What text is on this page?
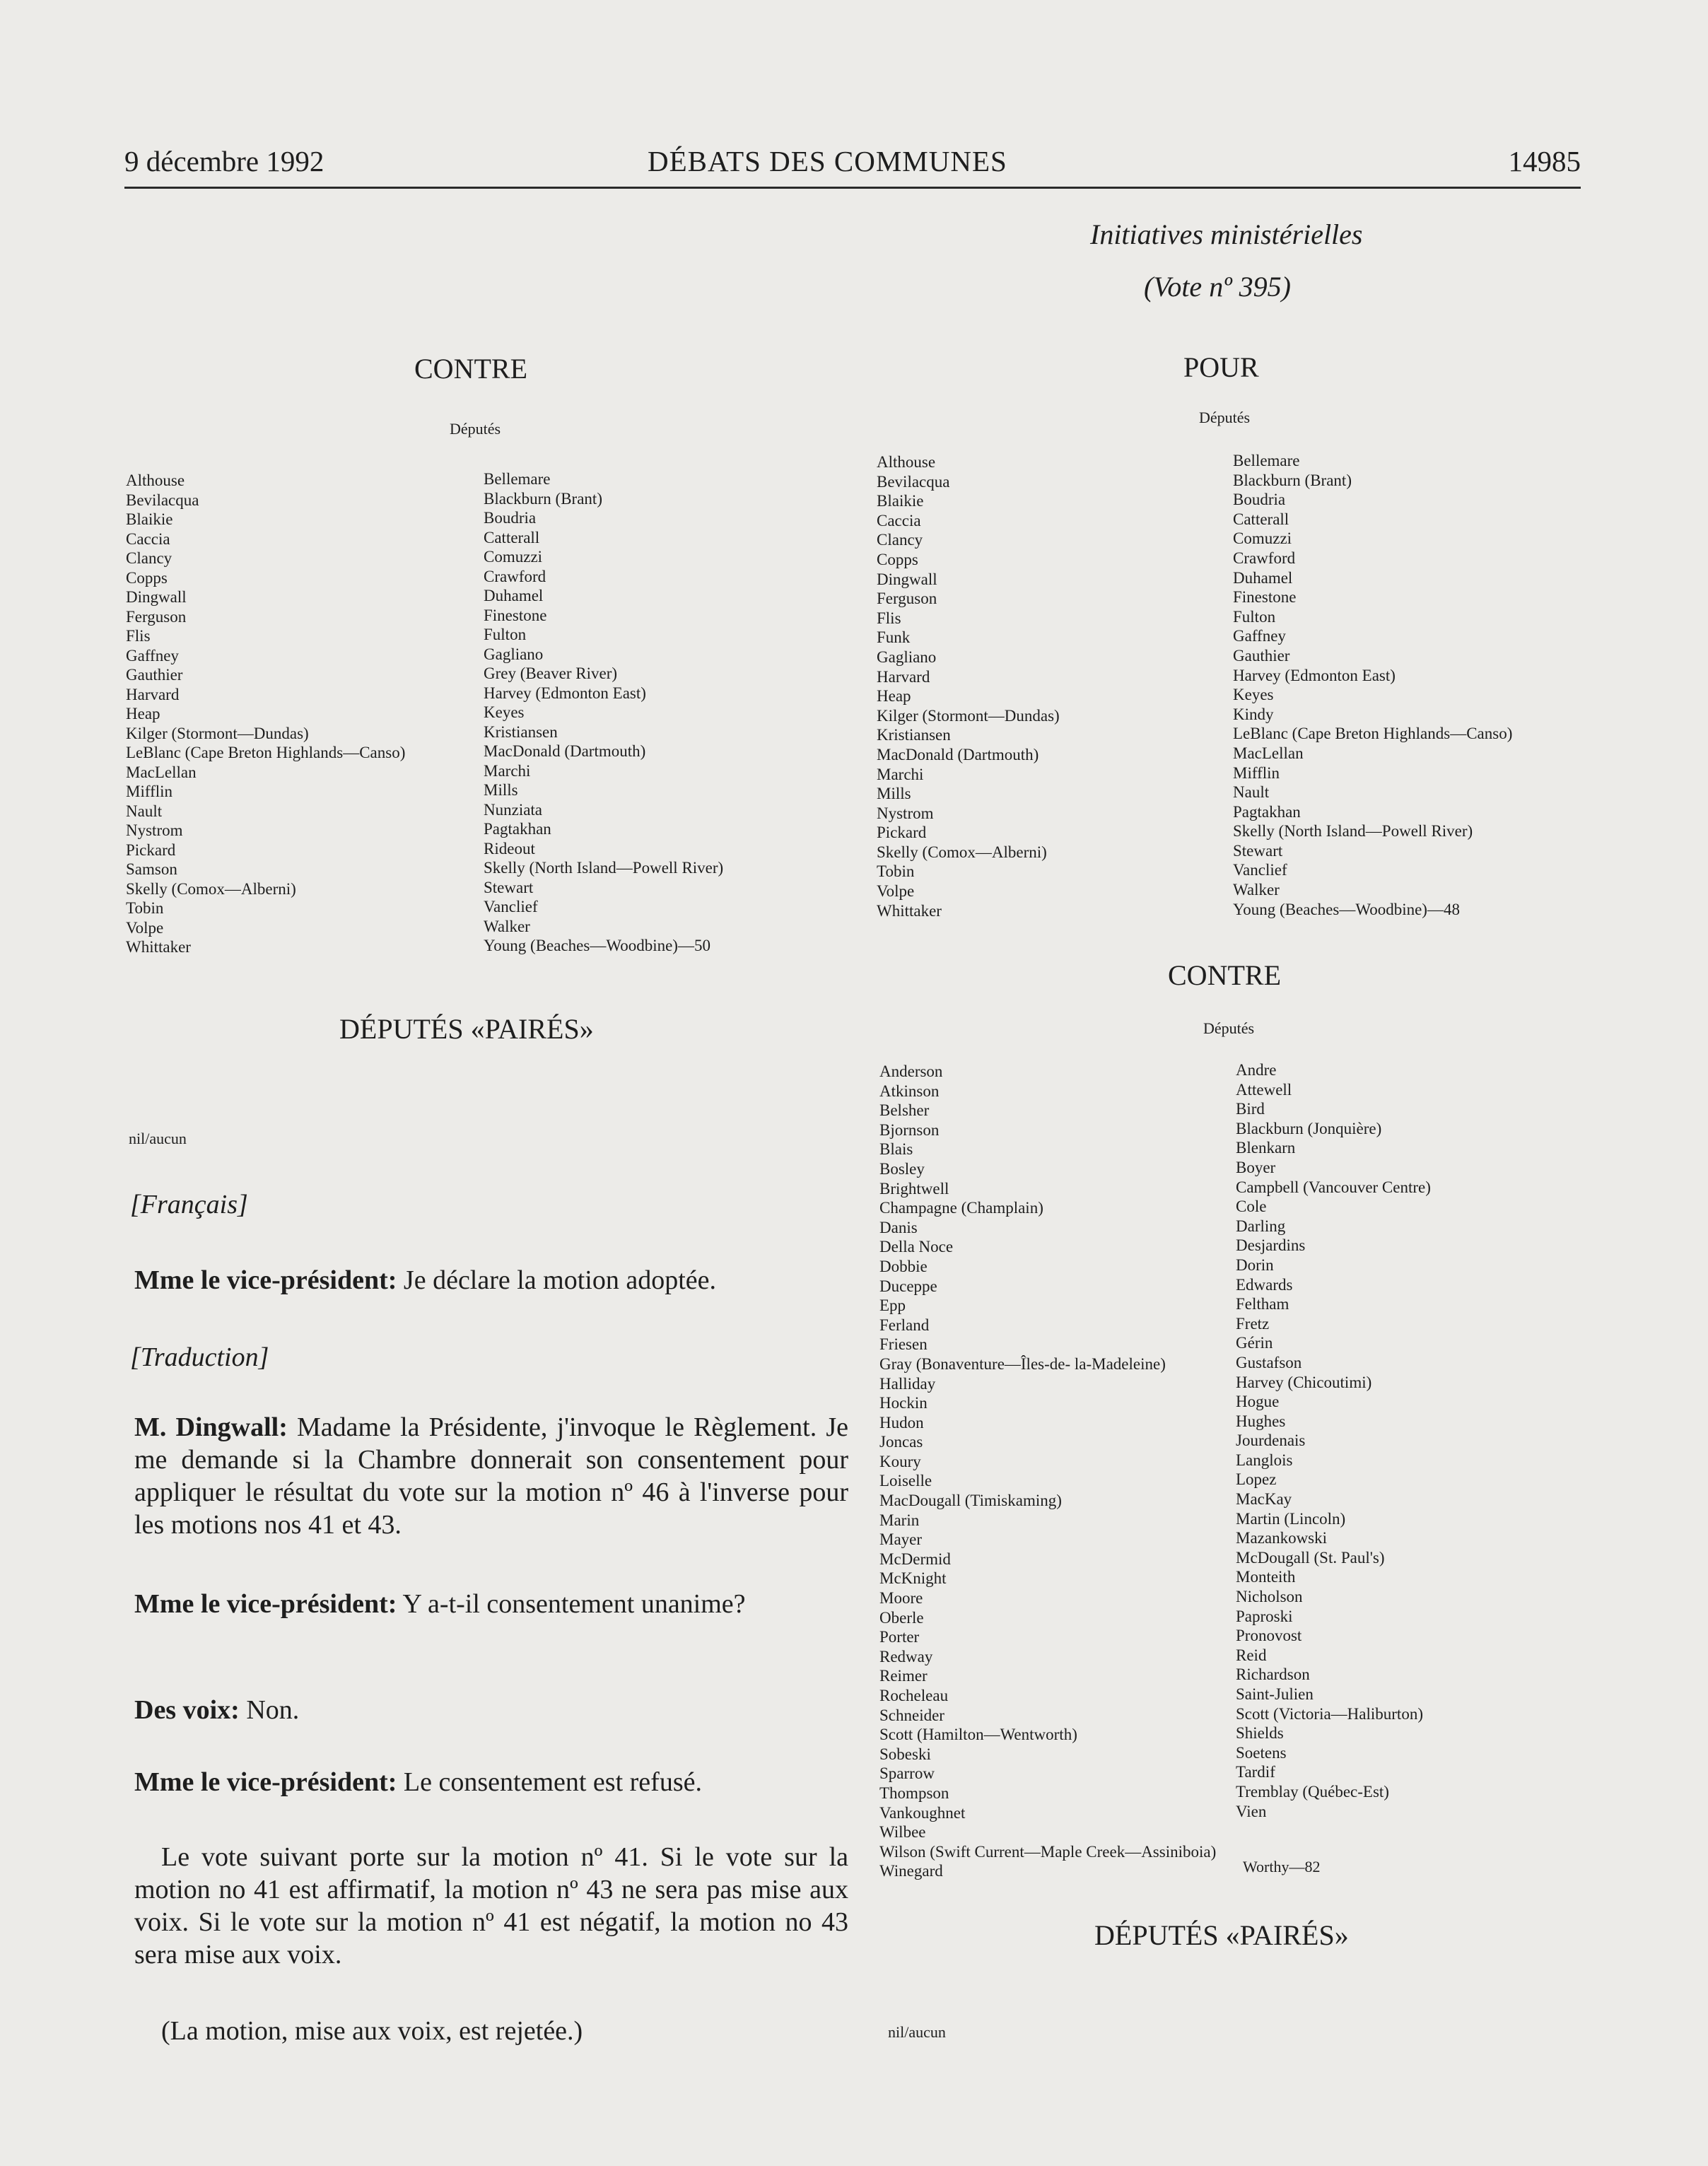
9 décembre 1992	DÉBATS DES COMMUNES	14985
Initiatives ministérielles
(Vote nº 395)
CONTRE
Députés
Althouse
Bevilacqua
Blaikie
Caccia
Clancy
Copps
Dingwall
Ferguson
Flis
Gaffney
Gauthier
Harvard
Heap
Kilger (Stormont—Dundas)
LeBlanc (Cape Breton Highlands—Canso)
MacLellan
Mifflin
Nault
Nystrom
Pickard
Samson
Skelly (Comox—Alberni)
Tobin
Volpe
Whittaker
Bellemare
Blackburn (Brant)
Boudria
Catterall
Comuzzi
Crawford
Duhamel
Finestone
Fulton
Gagliano
Grey (Beaver River)
Harvey (Edmonton East)
Keyes
Kristiansen
MacDonald (Dartmouth)
Marchi
Mills
Nunziata
Pagtakhan
Rideout
Skelly (North Island—Powell River)
Stewart
Vanclief
Walker
Young (Beaches—Woodbine)—50
DÉPUTÉS «PAIRÉS»
nil/aucun
[Français]
Mme le vice-président: Je déclare la motion adoptée.
[Traduction]
M. Dingwall: Madame la Présidente, j'invoque le Règlement. Je me demande si la Chambre donnerait son consentement pour appliquer le résultat du vote sur la motion nº 46 à l'inverse pour les motions nos 41 et 43.
Mme le vice-président: Y a-t-il consentement unanime?
Des voix: Non.
Mme le vice-président: Le consentement est refusé.
Le vote suivant porte sur la motion nº 41. Si le vote sur la motion no 41 est affirmatif, la motion nº 43 ne sera pas mise aux voix. Si le vote sur la motion nº 41 est négatif, la motion no 43 sera mise aux voix.
(La motion, mise aux voix, est rejetée.)
POUR
Députés
Althouse
Bevilacqua
Blaikie
Caccia
Clancy
Copps
Dingwall
Ferguson
Flis
Funk
Gagliano
Harvard
Heap
Kilger (Stormont—Dundas)
Kristiansen
MacDonald (Dartmouth)
Marchi
Mills
Nystrom
Pickard
Skelly (Comox—Alberni)
Tobin
Volpe
Whittaker
Bellemare
Blackburn (Brant)
Boudria
Catterall
Comuzzi
Crawford
Duhamel
Finestone
Fulton
Gaffney
Gauthier
Harvey (Edmonton East)
Keyes
Kindy
LeBlanc (Cape Breton Highlands—Canso)
MacLellan
Mifflin
Nault
Pagtakhan
Skelly (North Island—Powell River)
Stewart
Vanclief
Walker
Young (Beaches—Woodbine)—48
CONTRE
Députés
Anderson
Atkinson
Belsher
Bjornson
Blais
Bosley
Brightwell
Champagne (Champlain)
Danis
Della Noce
Dobbie
Duceppe
Epp
Ferland
Friesen
Gray (Bonaventure—Îles-de- la-Madeleine)
Halliday
Hockin
Hudon
Joncas
Koury
Loiselle
MacDougall (Timiskaming)
Marin
Mayer
McDermid
McKnight
Moore
Oberle
Porter
Redway
Reimer
Rocheleau
Schneider
Scott (Hamilton—Wentworth)
Sobeski
Sparrow
Thompson
Vankoughnet
Wilbee
Wilson (Swift Current—Maple Creek—Assiniboia)
Winegard
Andre
Attewell
Bird
Blackburn (Jonquière)
Blenkarn
Boyer
Campbell (Vancouver Centre)
Cole
Darling
Desjardins
Dorin
Edwards
Feltham
Fretz
Gérin
Gustafson
Harvey (Chicoutimi)
Hogue
Hughes
Jourdenais
Langlois
Lopez
MacKay
Martin (Lincoln)
Mazankowski
McDougall (St. Paul's)
Monteith
Nicholson
Paproski
Pronovost
Reid
Richardson
Saint-Julien
Scott (Victoria—Haliburton)
Shields
Soetens
Tardif
Tremblay (Québec-Est)
Vien
Worthy—82
DÉPUTÉS «PAIRÉS»
nil/aucun
